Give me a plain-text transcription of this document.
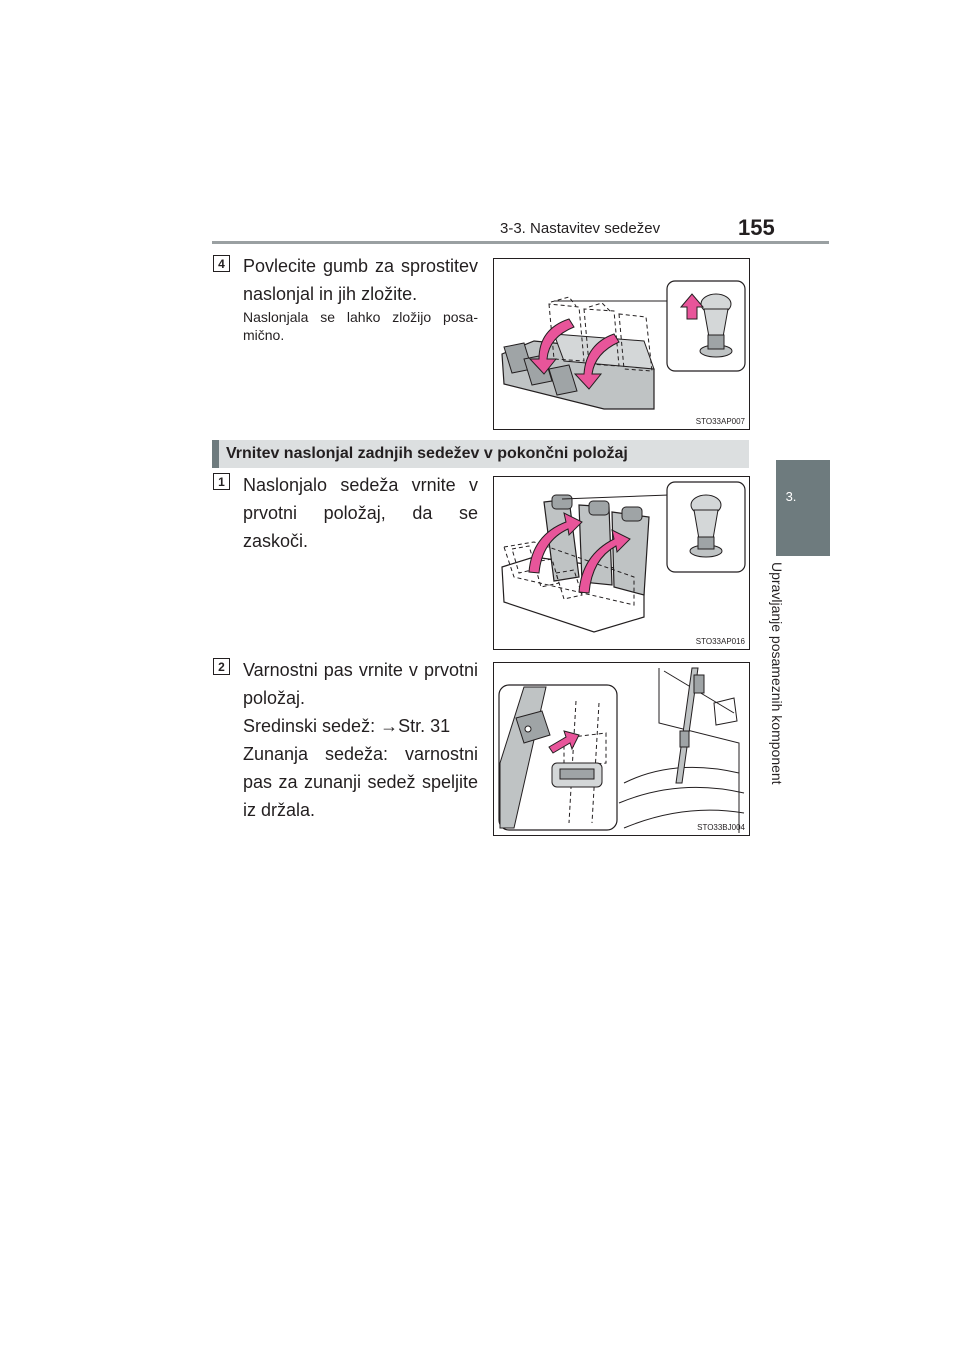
3-3. Nastavitev sedežev	155
3.
Upravljanje posameznih komponent
4 Povlecite gumb za sprostitev naslonjal in jih zložite.
Naslonjala se lahko zložijo posa-mično.
STO33AP007
Vrnitev naslonjal zadnjih sedežev v pokončni položaj
1 Naslonjalo sedeža vrnite v prvotni položaj, da se zaskoči.
STO33AP016
2 Varnostni pas vrnite v prvotni položaj.
Sredinski sedež: →Str. 31
Zunanja sedeža: varnostni pas za zunanji sedež speljite iz držala.
STO33BJ004
